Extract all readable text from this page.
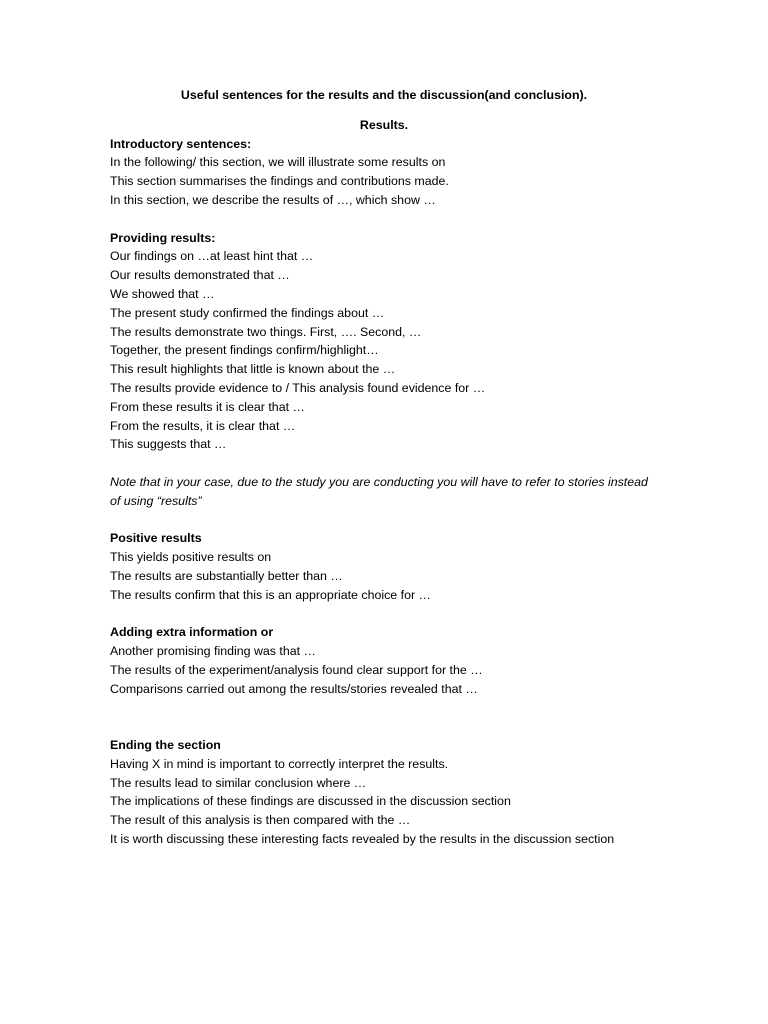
Useful sentences for the results and the discussion(and conclusion).

Results.

Introductory sentences:

In the following/ this section, we will illustrate some results on

This section summarises the findings and contributions made.

In this section, we describe the results of …, which show …

Providing results:

Our findings on …at least hint that …

Our results demonstrated that …

We showed that …

The present study confirmed the findings about …

The results demonstrate two things. First, …. Second, …

Together, the present findings confirm/highlight…

This result highlights that little is known about the …

The results provide evidence to / This analysis found evidence for …

From these results it is clear that …

From the results, it is clear that …

This suggests that …

Note that in your case, due to the study you are conducting you will have to refer to stories instead of using “results”

Positive results

This yields positive results on

The results are substantially better than …

The results confirm that this is an appropriate choice for …

Adding extra information or

Another promising finding was that …

The results of the experiment/analysis found clear support for the …

Comparisons carried out among the results/stories revealed that …

Ending the section

Having X in mind is important to correctly interpret the results.

The results lead to similar conclusion where …

The implications of these findings are discussed in the discussion section

The result of this analysis is then compared with the …

It is worth discussing these interesting facts revealed by the results in the discussion section
